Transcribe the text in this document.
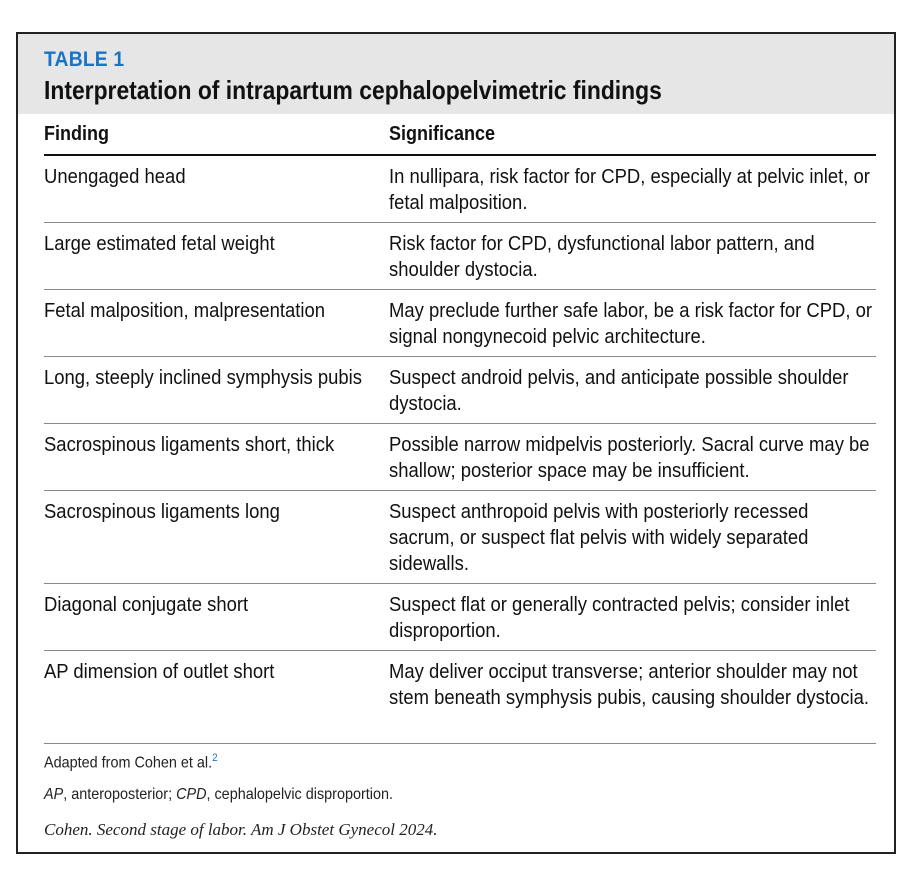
TABLE 1
Interpretation of intrapartum cephalopelvimetric findings
Finding	Significance
Unengaged head	In nullipara, risk factor for CPD, especially at pelvic inlet, or fetal malposition.
Large estimated fetal weight	Risk factor for CPD, dysfunctional labor pattern, and shoulder dystocia.
Fetal malposition, malpresentation	May preclude further safe labor, be a risk factor for CPD, or signal nongynecoid pelvic architecture.
Long, steeply inclined symphysis pubis	Suspect android pelvis, and anticipate possible shoulder dystocia.
Sacrospinous ligaments short, thick	Possible narrow midpelvis posteriorly. Sacral curve may be shallow; posterior space may be insufficient.
Sacrospinous ligaments long	Suspect anthropoid pelvis with posteriorly recessed sacrum, or suspect flat pelvis with widely separated sidewalls.
Diagonal conjugate short	Suspect flat or generally contracted pelvis; consider inlet disproportion.
AP dimension of outlet short	May deliver occiput transverse; anterior shoulder may not stem beneath symphysis pubis, causing shoulder dystocia.
Adapted from Cohen et al.$^2$
AP, anteroposterior; CPD, cephalopelvic disproportion.
Cohen. Second stage of labor. Am J Obstet Gynecol 2024.
